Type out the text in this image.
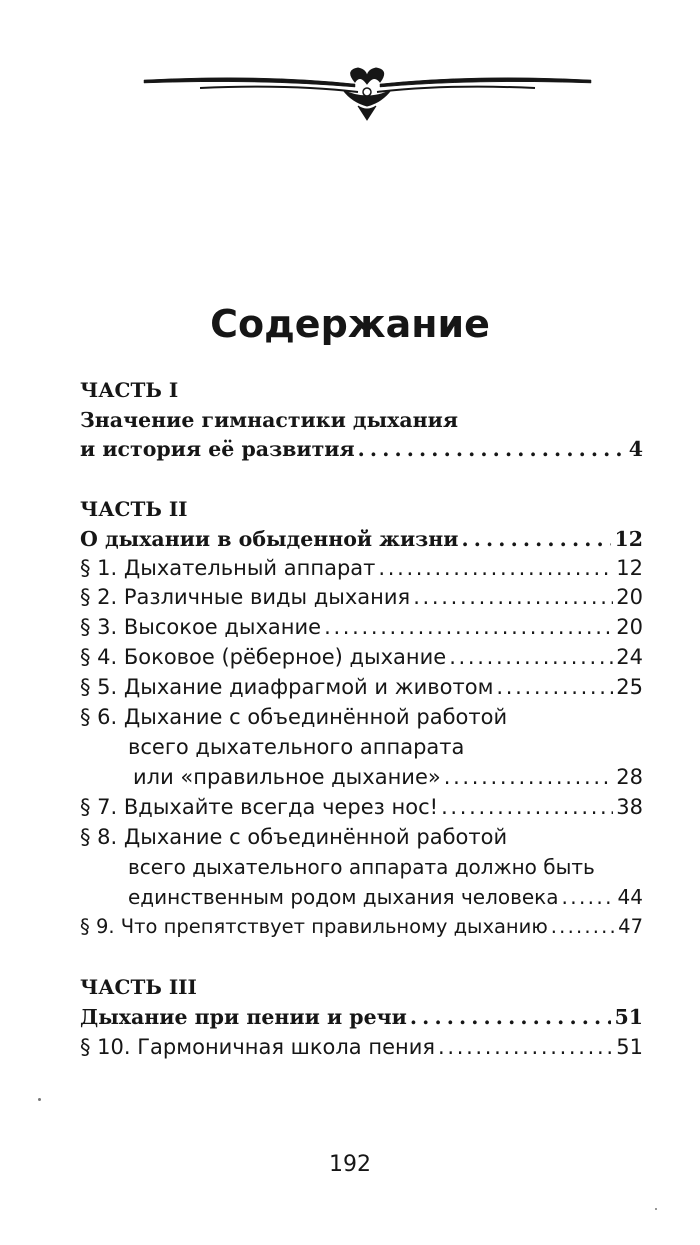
Содержание
ЧАСТЬ I
Значение гимнастики дыхания
и история её развития . . .	4
ЧАСТЬ II
О дыхании в обыденной жизни . . .	12
§ 1. Дыхательный аппарат . . .	12
§ 2. Различные виды дыхания . . .	20
§ 3. Высокое дыхание . . .	20
§ 4. Боковое (рёберное) дыхание . . .	24
§ 5. Дыхание диафрагмой и животом . . .	25
§ 6. Дыхание с объединённой работой
всего дыхательного аппарата
или «правильное дыхание» . . .	28
§ 7. Вдыхайте всегда через нос! . . .	38
§ 8. Дыхание с объединённой работой
всего дыхательного аппарата должно быть
единственным родом дыхания человека . . .	44
§ 9. Что препятствует правильному дыханию . . .	47
ЧАСТЬ III
Дыхание при пении и речи . . .	51
§ 10. Гармоничная школа пения . . .	51
192
